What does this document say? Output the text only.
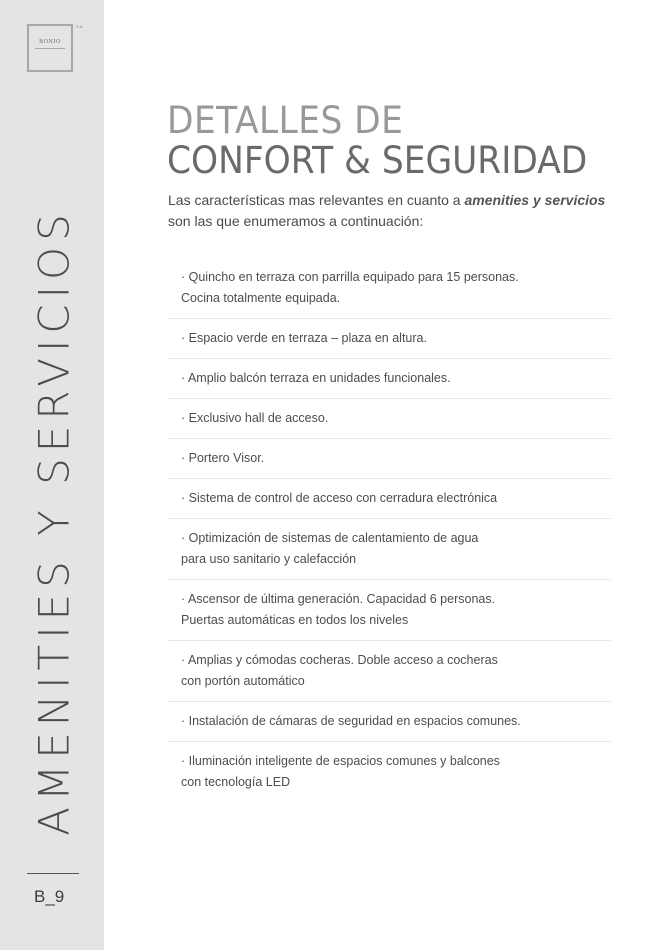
BONJO
S.A.
AMENITIES Y SERVICIOS
B_9
DETALLES DE
CONFORT & SEGURIDAD
Las características mas relevantes en cuanto a amenities y servicios
son las que enumeramos a continuación:
· Quincho en terraza con parrilla equipado para 15 personas.
Cocina totalmente equipada.
· Espacio verde en terraza – plaza en altura.
· Amplio balcón terraza en unidades funcionales.
· Exclusivo hall de acceso.
· Portero Visor.
· Sistema de control de acceso con cerradura electrónica
· Optimización de sistemas de calentamiento de agua
para uso sanitario y calefacción
· Ascensor de última generación. Capacidad 6 personas.
Puertas automáticas en todos los niveles
· Amplias y cómodas cocheras. Doble acceso a cocheras
con portón automático
· Instalación de cámaras de seguridad en espacios comunes.
· Iluminación inteligente de espacios comunes y balcones
con tecnología LED
